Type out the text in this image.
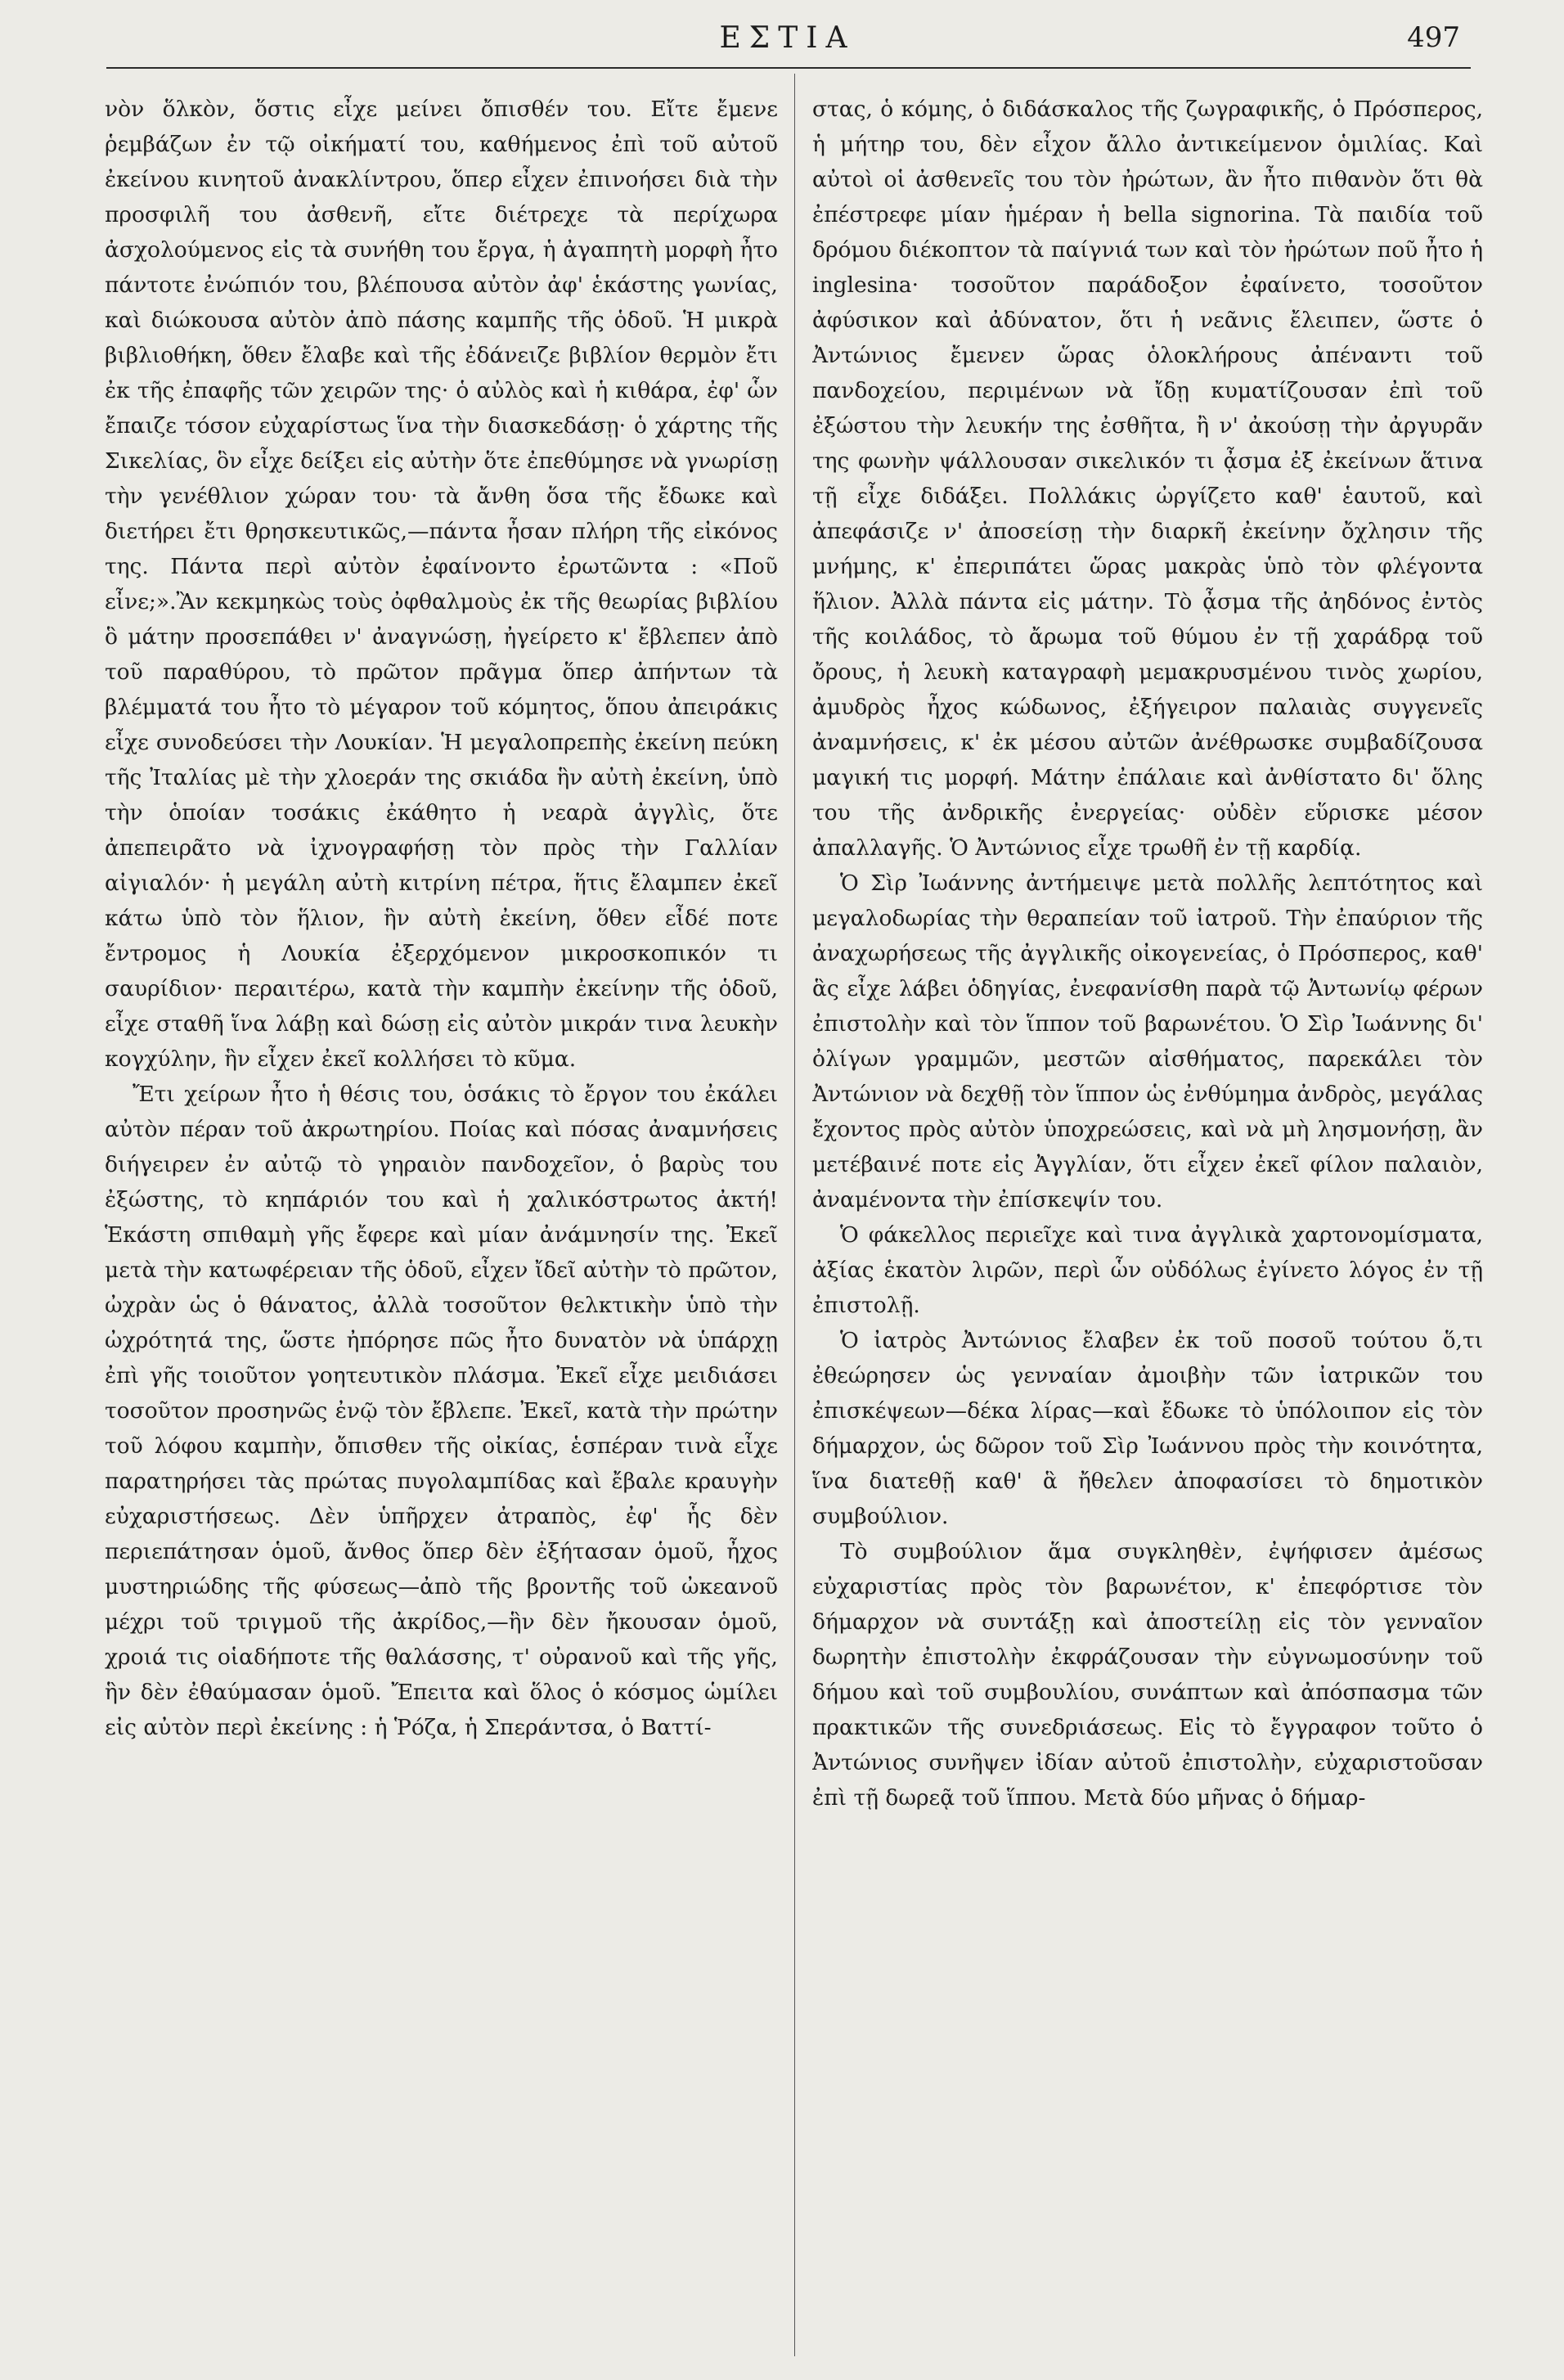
ΕΣΤΙΑ	497

νὸν ὅλκὸν, ὅστις εἶχε μείνει ὄπισθέν του. Εἴτε ἔμενε ῥεμβάζων ἐν τῷ οἰκήματί του, καθήμενος ἐπὶ τοῦ αὐτοῦ ἐκείνου κινητοῦ ἀνακλίντρου, ὅπερ εἶχεν ἐπινοήσει διὰ τὴν προσφιλῆ του ἀσθενῆ, εἴτε διέτρεχε τὰ περίχωρα ἀσχολούμενος εἰς τὰ συνήθη του ἔργα, ἡ ἀγαπητὴ μορφὴ ἦτο πάντοτε ἐνώπιόν του, βλέπουσα αὐτὸν ἀφ' ἑκάστης γωνίας, καὶ διώκουσα αὐτὸν ἀπὸ πάσης καμπῆς τῆς ὁδοῦ. Ἡ μικρὰ βιβλιοθήκη, ὅθεν ἔλαβε καὶ τῆς ἐδάνειζε βιβλίον θερμὸν ἔτι ἐκ τῆς ἐπαφῆς τῶν χειρῶν της· ὁ αὐλὸς καὶ ἡ κιθάρα, ἐφ' ὧν ἔπαιζε τόσον εὐχαρίστως ἵνα τὴν διασκεδάσῃ· ὁ χάρτης τῆς Σικελίας, ὃν εἶχε δείξει εἰς αὐτὴν ὅτε ἐπεθύμησε νὰ γνωρίσῃ τὴν γενέθλιον χώραν του· τὰ ἄνθη ὅσα τῆς ἔδωκε καὶ διετήρει ἔτι θρησκευτικῶς,—πάντα ἦσαν πλήρη τῆς εἰκόνος της. Πάντα περὶ αὐτὸν ἐφαίνοντο ἐρωτῶντα : «Ποῦ εἶνε;».Ἂν κεκμηκὼς τοὺς ὀφθαλμοὺς ἐκ τῆς θεωρίας βιβλίου ὃ μάτην προσεπάθει ν' ἀναγνώσῃ, ἠγείρετο κ' ἔβλεπεν ἀπὸ τοῦ παραθύρου, τὸ πρῶτον πρᾶγμα ὅπερ ἀπήντων τὰ βλέμματά του ἦτο τὸ μέγαρον τοῦ κόμητος, ὅπου ἀπειράκις εἶχε συνοδεύσει τὴν Λουκίαν. Ἡ μεγαλοπρεπὴς ἐκείνη πεύκη τῆς Ἰταλίας μὲ τὴν χλοεράν της σκιάδα ἣν αὐτὴ ἐκείνη, ὑπὸ τὴν ὁποίαν τοσάκις ἐκάθητο ἡ νεαρὰ ἀγγλὶς, ὅτε ἀπεπειρᾶτο νὰ ἰχνογραφήσῃ τὸν πρὸς τὴν Γαλλίαν αἰγιαλόν· ἡ μεγάλη αὐτὴ κιτρίνη πέτρα, ἥτις ἔλαμπεν ἐκεῖ κάτω ὑπὸ τὸν ἥλιον, ἣν αὐτὴ ἐκείνη, ὅθεν εἶδέ ποτε ἔντρομος ἡ Λουκία ἐξερχόμενον μικροσκοπικόν τι σαυρίδιον· περαιτέρω, κατὰ τὴν καμπὴν ἐκείνην τῆς ὁδοῦ, εἶχε σταθῆ ἵνα λάβῃ καὶ δώσῃ εἰς αὐτὸν μικράν τινα λευκὴν κογχύλην, ἣν εἶχεν ἐκεῖ κολλήσει τὸ κῦμα.

Ἔτι χείρων ἦτο ἡ θέσις του, ὁσάκις τὸ ἔργον του ἐκάλει αὐτὸν πέραν τοῦ ἀκρωτηρίου. Ποίας καὶ πόσας ἀναμνήσεις διήγειρεν ἐν αὐτῷ τὸ γηραιὸν πανδοχεῖον, ὁ βαρὺς του ἐξώστης, τὸ κηπάριόν του καὶ ἡ χαλικόστρωτος ἀκτή! Ἑκάστη σπιθαμὴ γῆς ἔφερε καὶ μίαν ἀνάμνησίν της. Ἐκεῖ μετὰ τὴν κατωφέρειαν τῆς ὁδοῦ, εἶχεν ἴδεῖ αὐτὴν τὸ πρῶτον, ὠχρὰν ὡς ὁ θάνατος, ἀλλὰ τοσοῦτον θελκτικὴν ὑπὸ τὴν ὠχρότητά της, ὥστε ἠπόρησε πῶς ἦτο δυνατὸν νὰ ὑπάρχῃ ἐπὶ γῆς τοιοῦτον γοητευτικὸν πλάσμα. Ἐκεῖ εἶχε μειδιάσει τοσοῦτον προσηνῶς ἐνῷ τὸν ἔβλεπε. Ἐκεῖ, κατὰ τὴν πρώτην τοῦ λόφου καμπὴν, ὄπισθεν τῆς οἰκίας, ἑσπέραν τινὰ εἶχε παρατηρήσει τὰς πρώτας πυγολαμπίδας καὶ ἔβαλε κραυγὴν εὐχαριστήσεως. Δὲν ὑπῆρχεν ἀτραπὸς, ἐφ' ἧς δὲν περιεπάτησαν ὁμοῦ, ἄνθος ὅπερ δὲν ἐξήτασαν ὁμοῦ, ἦχος μυστηριώδης τῆς φύσεως—ἀπὸ τῆς βροντῆς τοῦ ὠκεανοῦ μέχρι τοῦ τριγμοῦ τῆς ἀκρίδος,—ἣν δὲν ἤκουσαν ὁμοῦ, χροιά τις οἱαδήποτε τῆς θαλάσσης, τ' οὐρανοῦ καὶ τῆς γῆς, ἣν δὲν ἐθαύμασαν ὁμοῦ. Ἔπειτα καὶ ὅλος ὁ κόσμος ὡμίλει εἰς αὐτὸν περὶ ἐκείνης : ἡ Ῥόζα, ἡ Σπεράντσα, ὁ Βαττί-

στας, ὁ κόμης, ὁ διδάσκαλος τῆς ζωγραφικῆς, ὁ Πρόσπερος, ἡ μήτηρ του, δὲν εἶχον ἄλλο ἀντικείμενον ὁμιλίας. Καὶ αὐτοὶ οἱ ἀσθενεῖς του τὸν ἠρώτων, ἂν ἦτο πιθανὸν ὅτι θὰ ἐπέστρεφε μίαν ἡμέραν ἡ bella signorina. Τὰ παιδία τοῦ δρόμου διέκοπτον τὰ παίγνιά των καὶ τὸν ἠρώτων ποῦ ἦτο ἡ inglesina· τοσοῦτον παράδοξον ἐφαίνετο, τοσοῦτον ἀφύσικον καὶ ἀδύνατον, ὅτι ἡ νεᾶνις ἔλειπεν, ὥστε ὁ Ἀντώνιος ἔμενεν ὥρας ὁλοκλήρους ἀπέναντι τοῦ πανδοχείου, περιμένων νὰ ἴδῃ κυματίζουσαν ἐπὶ τοῦ ἐξώστου τὴν λευκήν της ἐσθῆτα, ἢ ν' ἀκούσῃ τὴν ἀργυρᾶν της φωνὴν ψάλλουσαν σικελικόν τι ᾆσμα ἐξ ἐκείνων ἅτινα τῇ εἶχε διδάξει. Πολλάκις ὠργίζετο καθ' ἑαυτοῦ, καὶ ἀπεφάσιζε ν' ἀποσείσῃ τὴν διαρκῆ ἐκείνην ὄχλησιν τῆς μνήμης, κ' ἐπεριπάτει ὥρας μακρὰς ὑπὸ τὸν φλέγοντα ἥλιον. Ἀλλὰ πάντα εἰς μάτην. Τὸ ᾆσμα τῆς ἀηδόνος ἐντὸς τῆς κοιλάδος, τὸ ἄρωμα τοῦ θύμου ἐν τῇ χαράδρᾳ τοῦ ὄρους, ἡ λευκὴ καταγραφὴ μεμακρυσμένου τινὸς χωρίου, ἀμυδρὸς ἦχος κώδωνος, ἐξήγειρον παλαιὰς συγγενεῖς ἀναμνήσεις, κ' ἐκ μέσου αὐτῶν ἀνέθρωσκε συμβαδίζουσα μαγική τις μορφή. Μάτην ἐπάλαιε καὶ ἀνθίστατο δι' ὅλης του τῆς ἀνδρικῆς ἐνεργείας· οὐδὲν εὕρισκε μέσον ἀπαλλαγῆς. Ὁ Ἀντώνιος εἶχε τρωθῆ ἐν τῇ καρδίᾳ.

Ὁ Σὶρ Ἰωάννης ἀντήμειψε μετὰ πολλῆς λεπτότητος καὶ μεγαλοδωρίας τὴν θεραπείαν τοῦ ἰατροῦ. Τὴν ἐπαύριον τῆς ἀναχωρήσεως τῆς ἀγγλικῆς οἰκογενείας, ὁ Πρόσπερος, καθ' ἃς εἶχε λάβει ὁδηγίας, ἐνεφανίσθη παρὰ τῷ Ἀντωνίῳ φέρων ἐπιστολὴν καὶ τὸν ἵππον τοῦ βαρωνέτου. Ὁ Σὶρ Ἰωάννης δι' ὀλίγων γραμμῶν, μεστῶν αἰσθήματος, παρεκάλει τὸν Ἀντώνιον νὰ δεχθῇ τὸν ἵππον ὡς ἐνθύμημα ἀνδρὸς, μεγάλας ἔχοντος πρὸς αὐτὸν ὑποχρεώσεις, καὶ νὰ μὴ λησμονήσῃ, ἂν μετέβαινέ ποτε εἰς Ἀγγλίαν, ὅτι εἶχεν ἐκεῖ φίλον παλαιὸν, ἀναμένοντα τὴν ἐπίσκεψίν του.

Ὁ φάκελλος περιεῖχε καὶ τινα ἀγγλικὰ χαρτονομίσματα, ἀξίας ἑκατὸν λιρῶν, περὶ ὧν οὐδόλως ἐγίνετο λόγος ἐν τῇ ἐπιστολῇ.

Ὁ ἰατρὸς Ἀντώνιος ἔλαβεν ἐκ τοῦ ποσοῦ τούτου ὅ,τι ἐθεώρησεν ὡς γενναίαν ἀμοιβὴν τῶν ἰατρικῶν του ἐπισκέψεων—δέκα λίρας—καὶ ἔδωκε τὸ ὑπόλοιπον εἰς τὸν δήμαρχον, ὡς δῶρον τοῦ Σὶρ Ἰωάννου πρὸς τὴν κοινότητα, ἵνα διατεθῇ καθ' ἃ ἤθελεν ἀποφασίσει τὸ δημοτικὸν συμβούλιον.

Τὸ συμβούλιον ἅμα συγκληθὲν, ἐψήφισεν ἀμέσως εὐχαριστίας πρὸς τὸν βαρωνέτον, κ' ἐπεφόρτισε τὸν δήμαρχον νὰ συντάξῃ καὶ ἀποστείλῃ εἰς τὸν γενναῖον δωρητὴν ἐπιστολὴν ἐκφράζουσαν τὴν εὐγνωμοσύνην τοῦ δήμου καὶ τοῦ συμβουλίου, συνάπτων καὶ ἀπόσπασμα τῶν πρακτικῶν τῆς συνεδριάσεως. Εἰς τὸ ἔγγραφον τοῦτο ὁ Ἀντώνιος συνῆψεν ἰδίαν αὐτοῦ ἐπιστολὴν, εὐχαριστοῦσαν ἐπὶ τῇ δωρεᾷ τοῦ ἵππου. Μετὰ δύο μῆνας ὁ δήμαρ-
